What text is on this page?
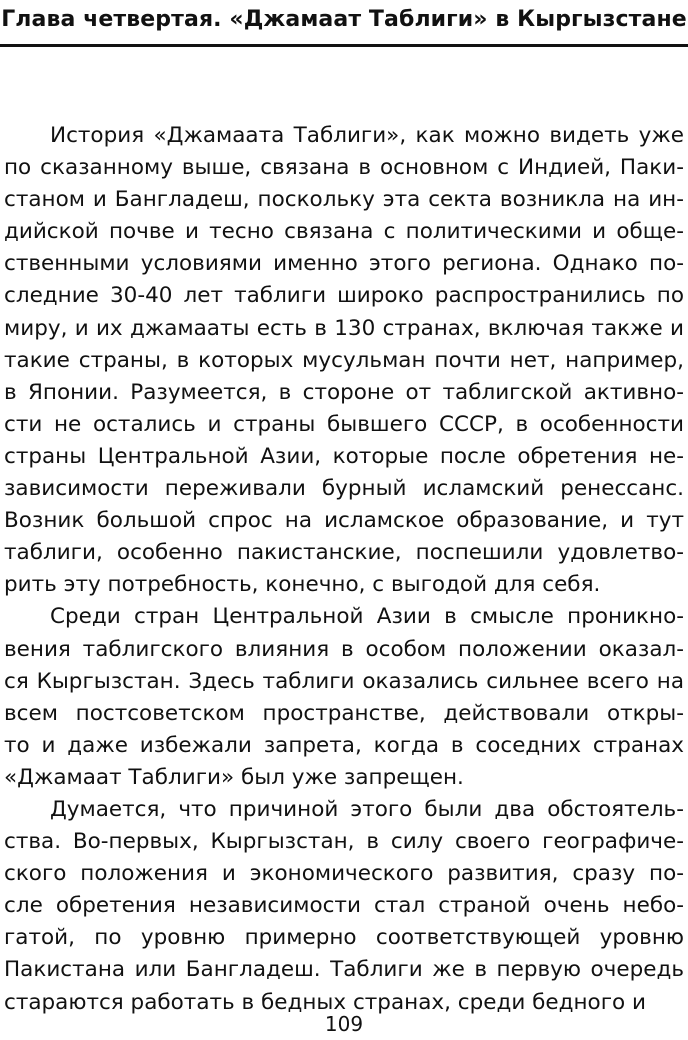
Глава четвертая. «Джамаат Таблиги» в Кыргызстане
История «Джамаата Таблиги», как можно видеть уже
по сказанному выше, связана в основном с Индией, Паки-
станом и Бангладеш, поскольку эта секта возникла на ин-
дийской почве и тесно связана с политическими и обще-
ственными условиями именно этого региона. Однако по-
следние 30-40 лет таблиги широко распространились по
миру, и их джамааты есть в 130 странах, включая также и
такие страны, в которых мусульман почти нет, например,
в Японии. Разумеется, в стороне от таблигской активно-
сти не остались и страны бывшего СССР, в особенности
страны Центральной Азии, которые после обретения не-
зависимости переживали бурный исламский ренессанс.
Возник большой спрос на исламское образование, и тут
таблиги, особенно пакистанские, поспешили удовлетво-
рить эту потребность, конечно, с выгодой для себя.
Среди стран Центральной Азии в смысле проникно-
вения таблигского влияния в особом положении оказал-
ся Кыргызстан. Здесь таблиги оказались сильнее всего на
всем постсоветском пространстве, действовали откры-
то и даже избежали запрета, когда в соседних странах
«Джамаат Таблиги» был уже запрещен.
Думается, что причиной этого были два обстоятель-
ства. Во-первых, Кыргызстан, в силу своего географиче-
ского положения и экономического развития, сразу по-
сле обретения независимости стал страной очень небо-
гатой, по уровню примерно соответствующей уровню
Пакистана или Бангладеш. Таблиги же в первую очередь
стараются работать в бедных странах, среди бедного и
109
